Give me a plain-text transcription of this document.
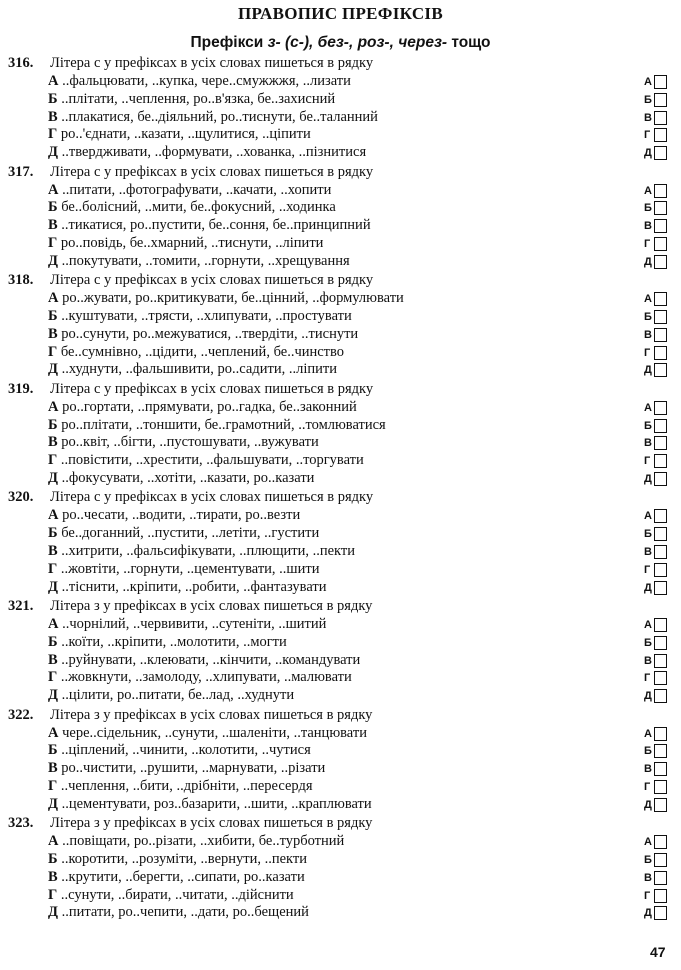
ПРАВОПИС ПРЕФІКСІВ
Префікси з- (с-), без-, роз-, через- тощо
316. Літера с у префіксах в усіх словах пишеться в рядку
А ..фальцювати, ..купка, чере..смужжжя, ..лизати	А
Б ..плітати, ..чеплення, ро..в'язка, бе..захисний	Б
В ..плакатися, бе..діяльний, ро..тиснути, бе..таланний	В
Г ро..'єднати, ..казати, ..щулитися, ..ціпити	Г
Д ..твердживати, ..формувати, ..хованка, ..пізнитися	Д
317. Літера с у префіксах в усіх словах пишеться в рядку
А ..питати, ..фотографувати, ..качати, ..хопити	А
Б бе..болісний, ..мити, бе..фокусний, ..ходинка	Б
В ..тикатися, ро..пустити, бе..соння, бе..принципний	В
Г ро..повідь, бе..хмарний, ..тиснути, ..ліпити	Г
Д ..покутувати, ..томити, ..горнути, ..хрещування	Д
318. Літера с у префіксах в усіх словах пишеться в рядку
А ро..жувати, ро..критикувати, бе..цінний, ..формулювати	А
Б ..куштувати, ..трясти, ..хлипувати, ..простувати	Б
В ро..сунути, ро..межуватися, ..твердіти, ..тиснути	В
Г бе..сумнівно, ..цідити, ..чеплений, бе..чинство	Г
Д ..худнути, ..фальшивити, ро..садити, ..ліпити	Д
319. Літера с у префіксах в усіх словах пишеться в рядку
А ро..гортати, ..прямувати, ро..гадка, бе..законний	А
Б ро..плітати, ..тоншити, бе..грамотний, ..томлюватися	Б
В ро..квіт, ..бігти, ..пустошувати, ..вужувати	В
Г ..повістити, ..хрестити, ..фальшувати, ..торгувати	Г
Д ..фокусувати, ..хотіти, ..казати, ро..казати	Д
320. Літера с у префіксах в усіх словах пишеться в рядку
А ро..чесати, ..водити, ..тирати, ро..везти	А
Б бе..доганний, ..пустити, ..летіти, ..густити	Б
В ..хитрити, ..фальсифікувати, ..плющити, ..пекти	В
Г ..жовтіти, ..горнути, ..цементувати, ..шити	Г
Д ..тіснити, ..кріпити, ..робити, ..фантазувати	Д
321. Літера з у префіксах в усіх словах пишеться в рядку
А ..чорнілий, ..червивити, ..сутеніти, ..шитий	А
Б ..коїти, ..кріпити, ..молотити, ..могти	Б
В ..руйнувати, ..клеювати, ..кінчити, ..командувати	В
Г ..жовкнути, ..замолоду, ..хлипувати, ..малювати	Г
Д ..цілити, ро..питати, бе..лад, ..худнути	Д
322. Літера з у префіксах в усіх словах пишеться в рядку
А чере..сідельник, ..сунути, ..шаленіти, ..танцювати	А
Б ..ціплений, ..чинити, ..колотити, ..чутися	Б
В ро..чистити, ..рушити, ..марнувати, ..різати	В
Г ..чеплення, ..бити, ..дрібніти, ..пересердя	Г
Д ..цементувати, роз..базарити, ..шити, ..краплювати	Д
323. Літера з у префіксах в усіх словах пишеться в рядку
А ..повіщати, ро..різати, ..хибити, бе..турботний	А
Б ..коротити, ..розуміти, ..вернути, ..пекти	Б
В ..крутити, ..берегти, ..сипати, ро..казати	В
Г ..сунути, ..бирати, ..читати, ..дійснити	Г
Д ..питати, ро..чепити, ..дати, ро..бещений	Д
47
